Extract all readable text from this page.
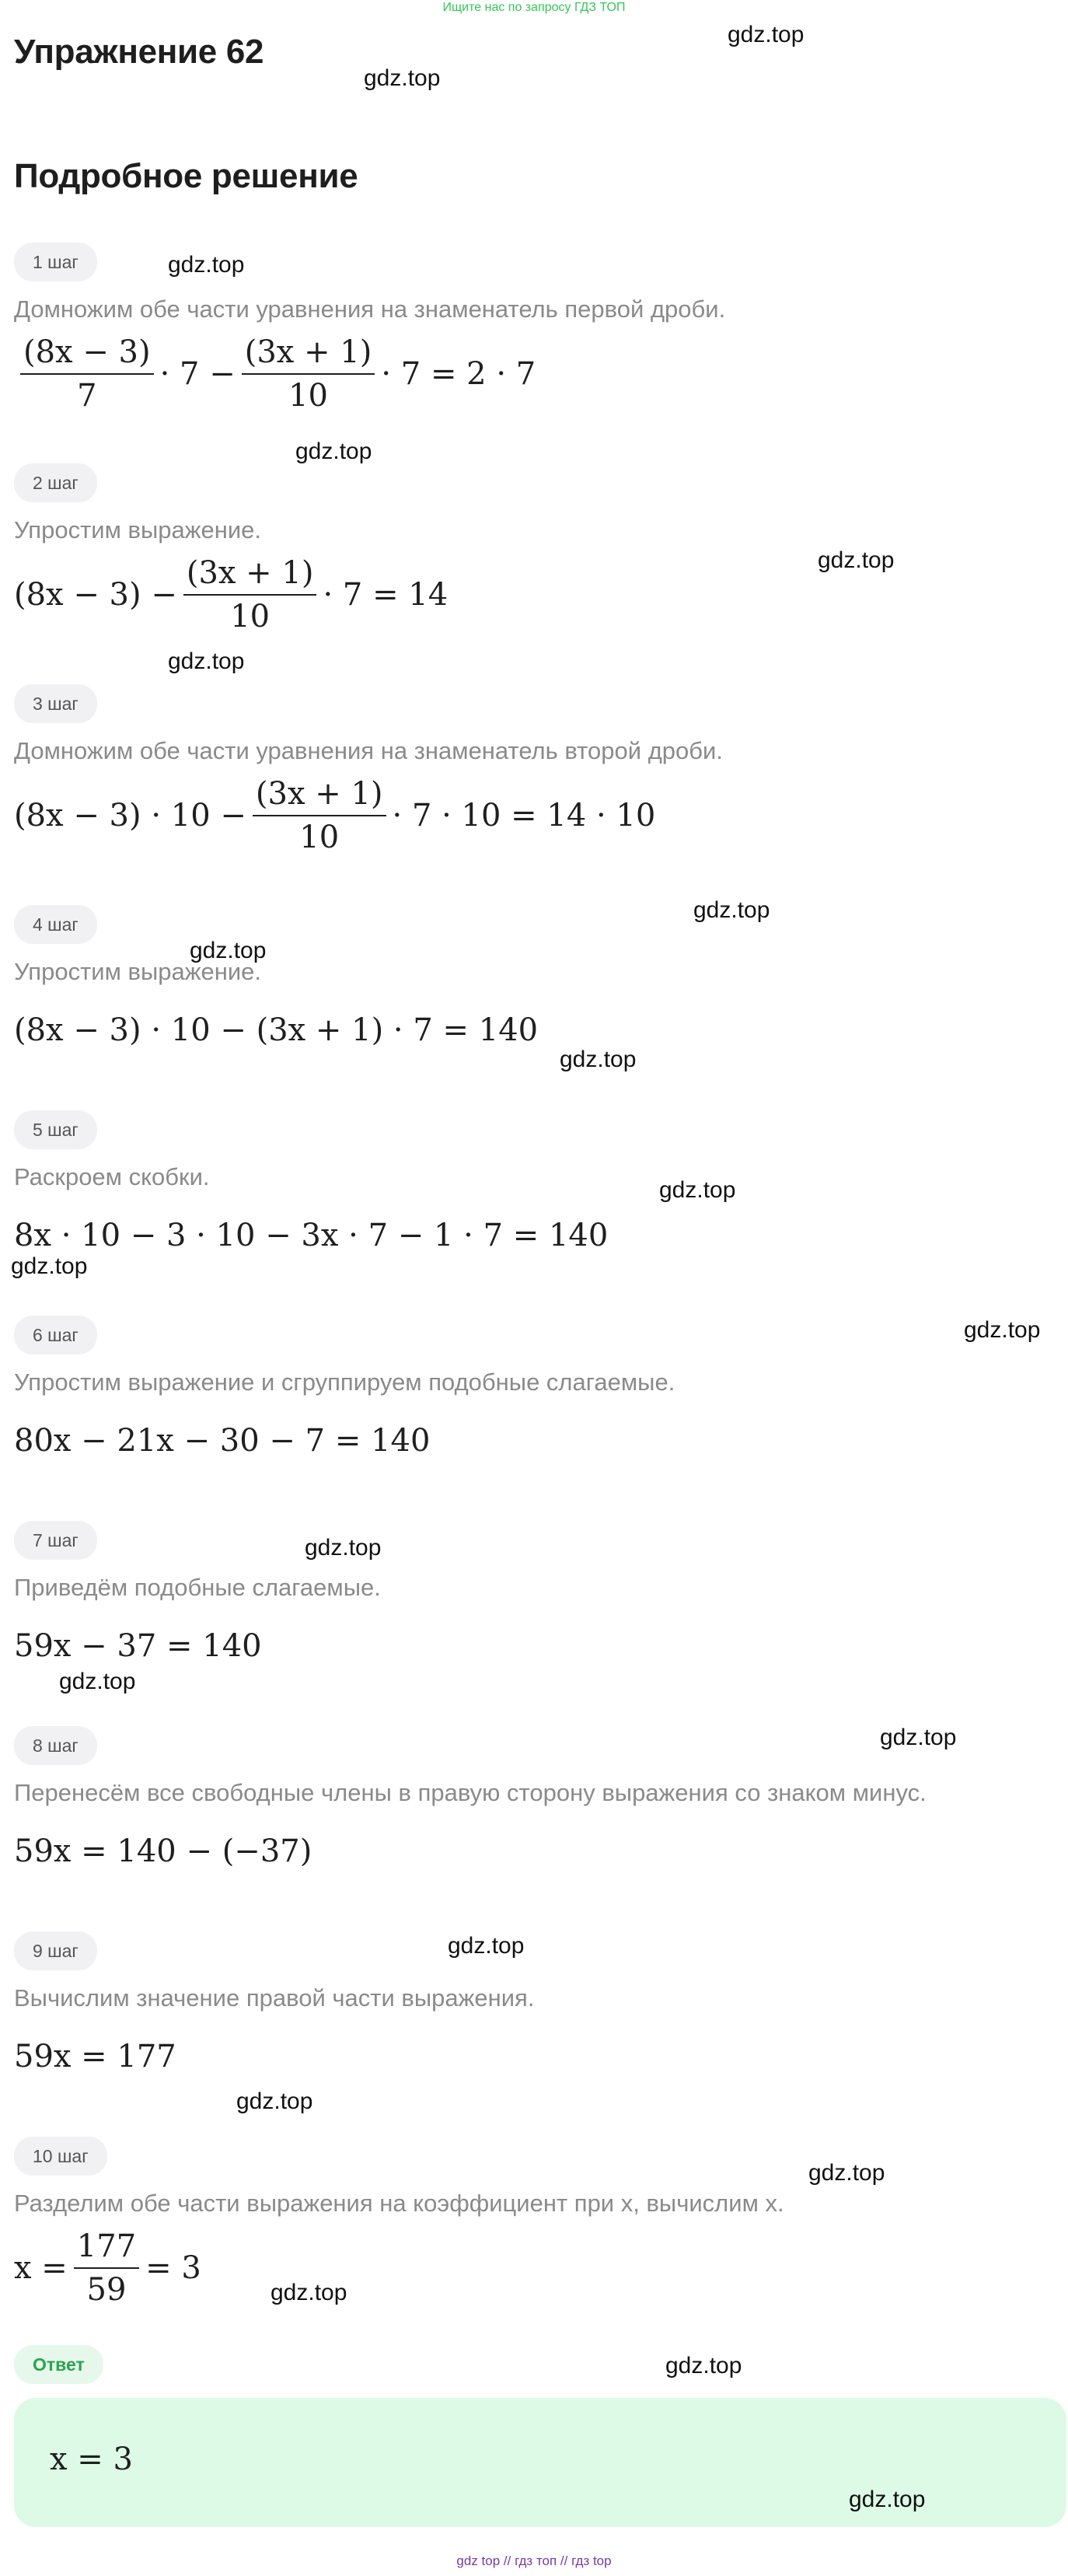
Ищите нас по запросу ГДЗ ТОП
Упражнение 62
Подробное решение
1 шаг
Домножим обе части уравнения на знаменатель первой дроби.
$\frac{(8x - 3)}{7} \cdot 7 - \frac{(3x + 1)}{10} \cdot 7 = 2 \cdot 7$
2 шаг
Упростим выражение.
$(8x - 3) - \frac{(3x + 1)}{10} \cdot 7 = 14$
3 шаг
Домножим обе части уравнения на знаменатель второй дроби.
$(8x - 3) \cdot 10 - \frac{(3x + 1)}{10} \cdot 7 \cdot 10 = 14 \cdot 10$
4 шаг
Упростим выражение.
(8x − 3) · 10 − (3x + 1) · 7 = 140
5 шаг
Раскроем скобки.
8x · 10 − 3 · 10 − 3x · 7 − 1 · 7 = 140
6 шаг
Упростим выражение и сгруппируем подобные слагаемые.
80x − 21x − 30 − 7 = 140
7 шаг
Приведём подобные слагаемые.
59x − 37 = 140
8 шаг
Перенесём все свободные члены в правую сторону выражения со знаком минус.
59x = 140 − (−37)
9 шаг
Вычислим значение правой части выражения.
59x = 177
10 шаг
Разделим обе части выражения на коэффициент при x, вычислим x.
$x = \frac{177}{59} = 3$
Ответ
x = 3
gdz.top
gdz.top
gdz.top
gdz.top
gdz.top
gdz.top
gdz.top
gdz.top
gdz.top
gdz.top
gdz.top
gdz.top
gdz.top
gdz.top
gdz.top
gdz.top
gdz.top
gdz.top
gdz.top
gdz.top
gdz.top
gdz top // гдз топ // гдз top
